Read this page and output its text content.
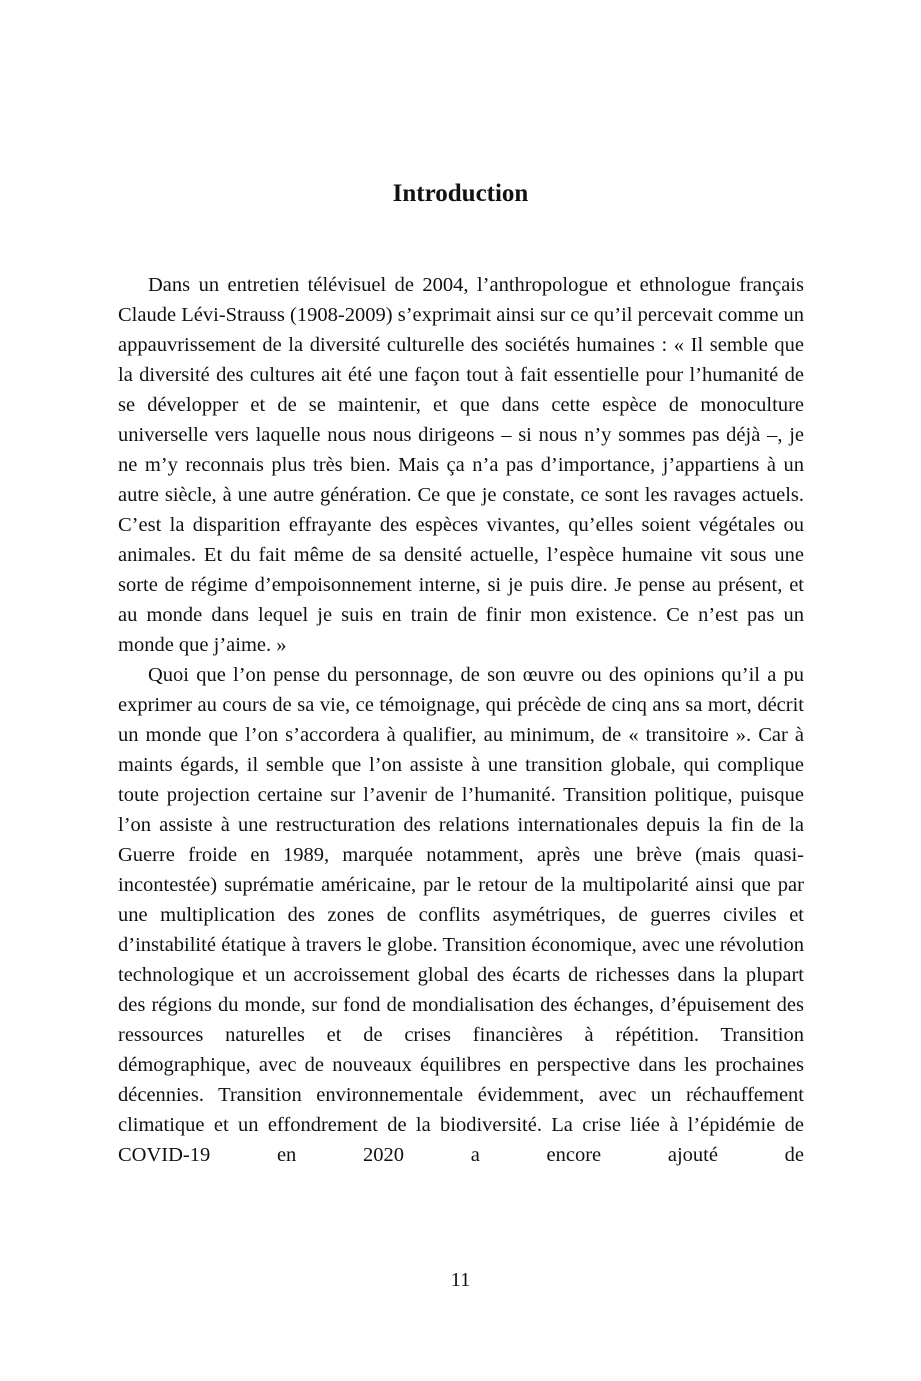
Introduction

Dans un entretien télévisuel de 2004, l’anthropologue et ethnologue français Claude Lévi-Strauss (1908-2009) s’exprimait ainsi sur ce qu’il percevait comme un appauvrissement de la diversité culturelle des sociétés humaines : « Il semble que la diversité des cultures ait été une façon tout à fait essentielle pour l’humanité de se développer et de se maintenir, et que dans cette espèce de monoculture universelle vers laquelle nous nous dirigeons – si nous n’y sommes pas déjà –, je ne m’y reconnais plus très bien. Mais ça n’a pas d’importance, j’appartiens à un autre siècle, à une autre génération. Ce que je constate, ce sont les ravages actuels. C’est la disparition effrayante des espèces vivantes, qu’elles soient végétales ou animales. Et du fait même de sa densité actuelle, l’espèce humaine vit sous une sorte de régime d’empoisonnement interne, si je puis dire. Je pense au présent, et au monde dans lequel je suis en train de finir mon existence. Ce n’est pas un monde que j’aime. »

Quoi que l’on pense du personnage, de son œuvre ou des opinions qu’il a pu exprimer au cours de sa vie, ce témoignage, qui précède de cinq ans sa mort, décrit un monde que l’on s’accordera à qualifier, au minimum, de « transitoire ». Car à maints égards, il semble que l’on assiste à une transition globale, qui complique toute projection certaine sur l’avenir de l’humanité. Transition politique, puisque l’on assiste à une restructuration des relations internationales depuis la fin de la Guerre froide en 1989, marquée notamment, après une brève (mais quasi-incontestée) suprématie américaine, par le retour de la multipolarité ainsi que par une multiplication des zones de conflits asymétriques, de guerres civiles et d’instabilité étatique à travers le globe. Transition économique, avec une révolution technologique et un accroissement global des écarts de richesses dans la plupart des régions du monde, sur fond de mondialisation des échanges, d’épuisement des ressources naturelles et de crises financières à répétition. Transition démographique, avec de nouveaux équilibres en perspective dans les prochaines décennies. Transition environnementale évidemment, avec un réchauffement climatique et un effondrement de la biodiversité. La crise liée à l’épidémie de COVID-19 en 2020 a encore ajouté de

11
